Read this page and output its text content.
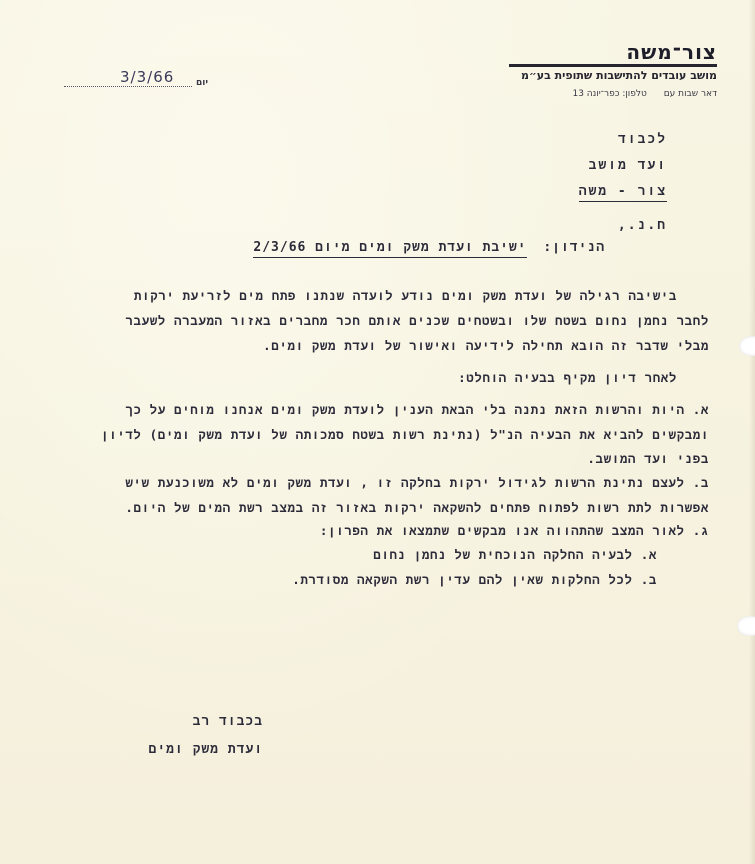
צור־משה
מושב עובדים להתישבות שתופית בע״מ
דאר שבות עם טלפון: כפר־יונה 13
3/3/66 יום
לכבוד
ועד מושב
צור - משה
ח.נ.,
הנידון: ישיבת ועדת משק ומים מיום 2/3/66
בישיבה רגילה של ועדת משק ומים נודע לועדה שנתנו פתח מים לזריעת ירקות
לחבר נחמן נחום בשטח שלו ובשטחים שכנים אותם חכר מחברים באזור המעברה לשעבר
מבלי שדבר זה הובא תחילה לידיעה ואישור של ועדת משק ומים.
לאחר דיון מקיף בבעיה הוחלט:
א. היות והרשות הזאת נתנה בלי הבאת הענין לועדת משק ומים אנחנו מוחים על כך
ומבקשים להביא את הבעיה הנ"ל (נתינת רשות בשטח סמכותה של ועדת משק ומים) לדיון
בפני ועד המושב.
ב. לעצם נתינת הרשות לגידול ירקות בחלקה זו , ועדת משק ומים לא משוכנעת שיש
אפשרות לתת רשות לפתוח פתחים להשקאה ירקות באזור זה במצב רשת המים של היום.
ג. לאור המצב שהתהווה אנו מבקשים שתמצאו את הפרון:
א. לבעיה החלקה הנוכחית של נחמן נחום
ב. לכל החלקות שאין להם עדין רשת השקאה מסודרת.
בכבוד רב
ועדת משק ומים
